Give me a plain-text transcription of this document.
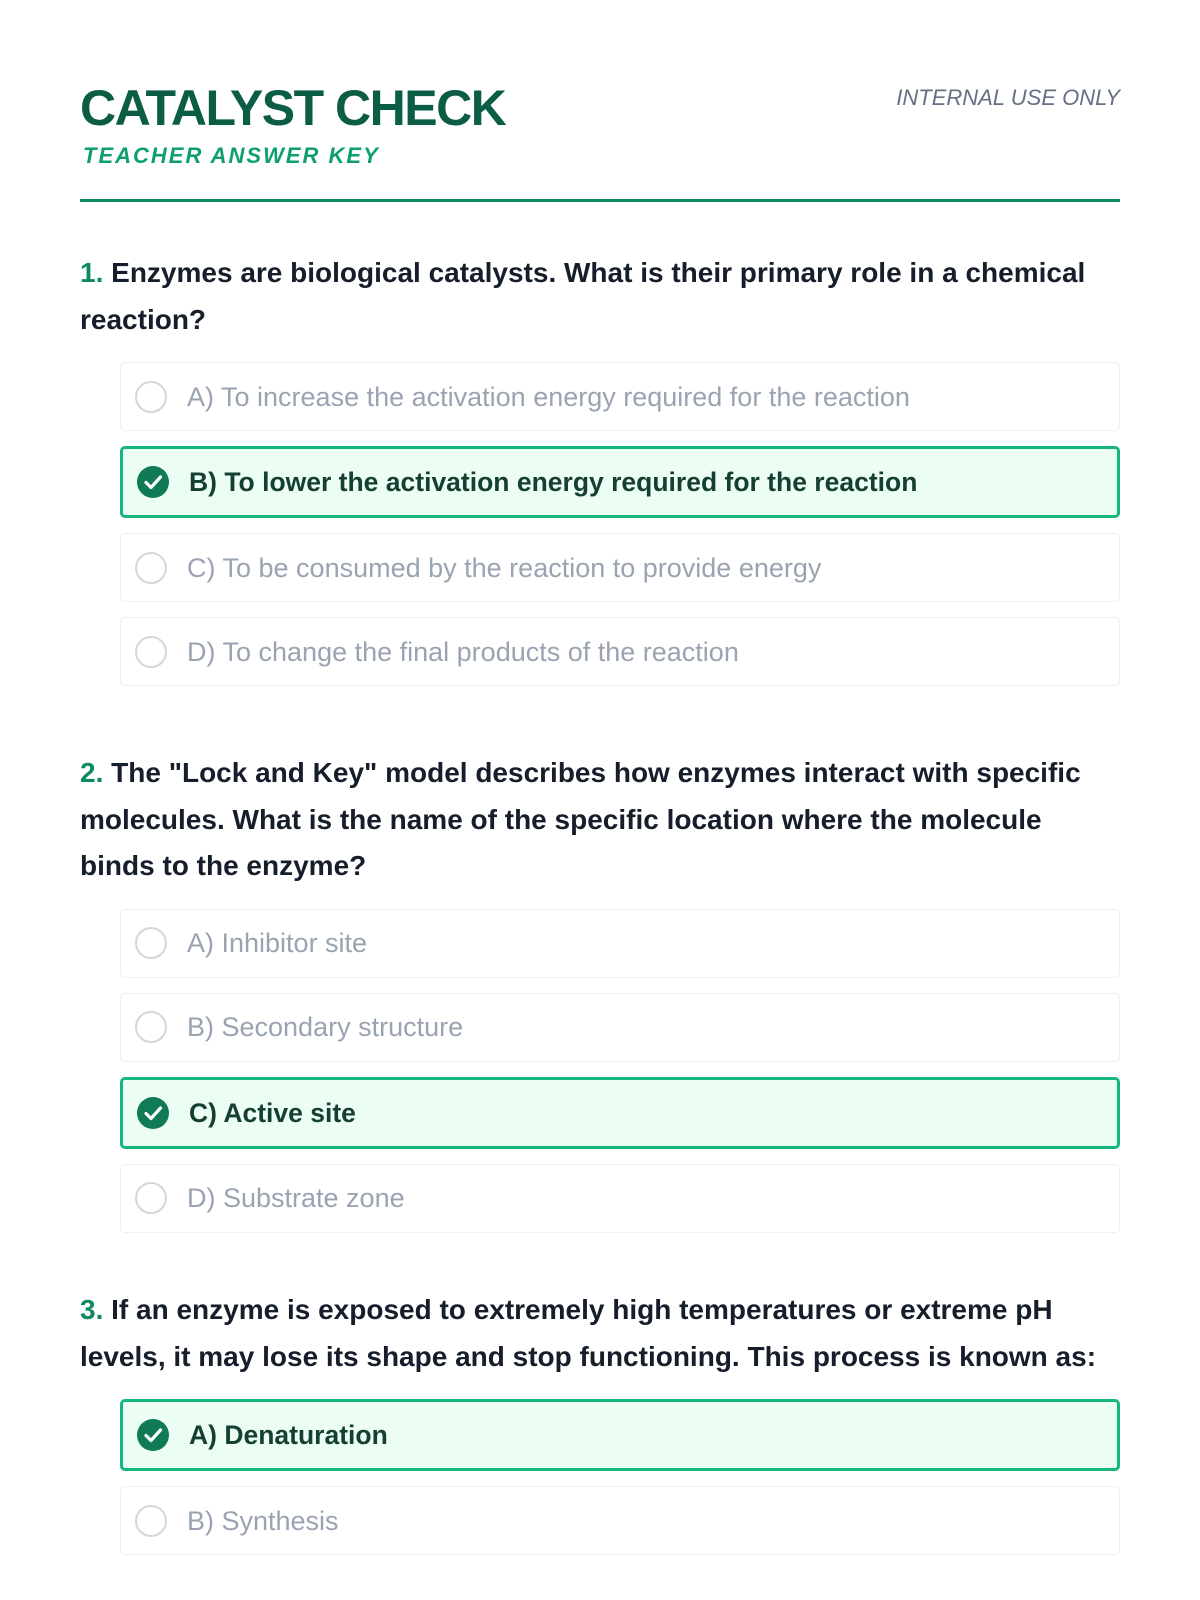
CATALYST CHECK
TEACHER ANSWER KEY
INTERNAL USE ONLY

1. Enzymes are biological catalysts. What is their primary role in a chemical reaction?

A) To increase the activation energy required for the reaction
B) To lower the activation energy required for the reaction
C) To be consumed by the reaction to provide energy
D) To change the final products of the reaction

2. The "Lock and Key" model describes how enzymes interact with specific molecules. What is the name of the specific location where the molecule binds to the enzyme?

A) Inhibitor site
B) Secondary structure
C) Active site
D) Substrate zone

3. If an enzyme is exposed to extremely high temperatures or extreme pH levels, it may lose its shape and stop functioning. This process is known as:

A) Denaturation
B) Synthesis
